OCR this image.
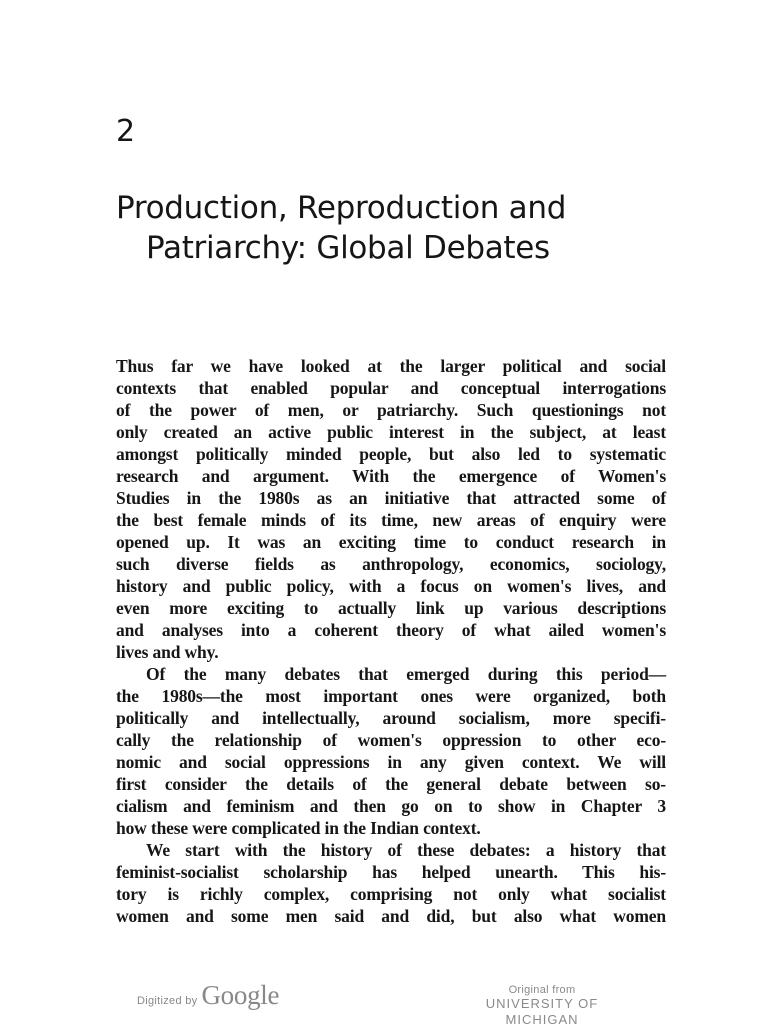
2
Production, Reproduction and
Patriarchy: Global Debates
Thus far we have looked at the larger political and social
contexts that enabled popular and conceptual interrogations
of the power of men, or patriarchy. Such questionings not
only created an active public interest in the subject, at least
amongst politically minded people, but also led to systematic
research and argument. With the emergence of Women's
Studies in the 1980s as an initiative that attracted some of
the best female minds of its time, new areas of enquiry were
opened up. It was an exciting time to conduct research in
such diverse fields as anthropology, economics, sociology,
history and public policy, with a focus on women's lives, and
even more exciting to actually link up various descriptions
and analyses into a coherent theory of what ailed women's
lives and why.
Of the many debates that emerged during this period—
the 1980s—the most important ones were organized, both
politically and intellectually, around socialism, more specifi-
cally the relationship of women's oppression to other eco-
nomic and social oppressions in any given context. We will
first consider the details of the general debate between so-
cialism and feminism and then go on to show in Chapter 3
how these were complicated in the Indian context.
We start with the history of these debates: a history that
feminist-socialist scholarship has helped unearth. This his-
tory is richly complex, comprising not only what socialist
women and some men said and did, but also what women
Digitized by Google	Original from
UNIVERSITY OF MICHIGAN
